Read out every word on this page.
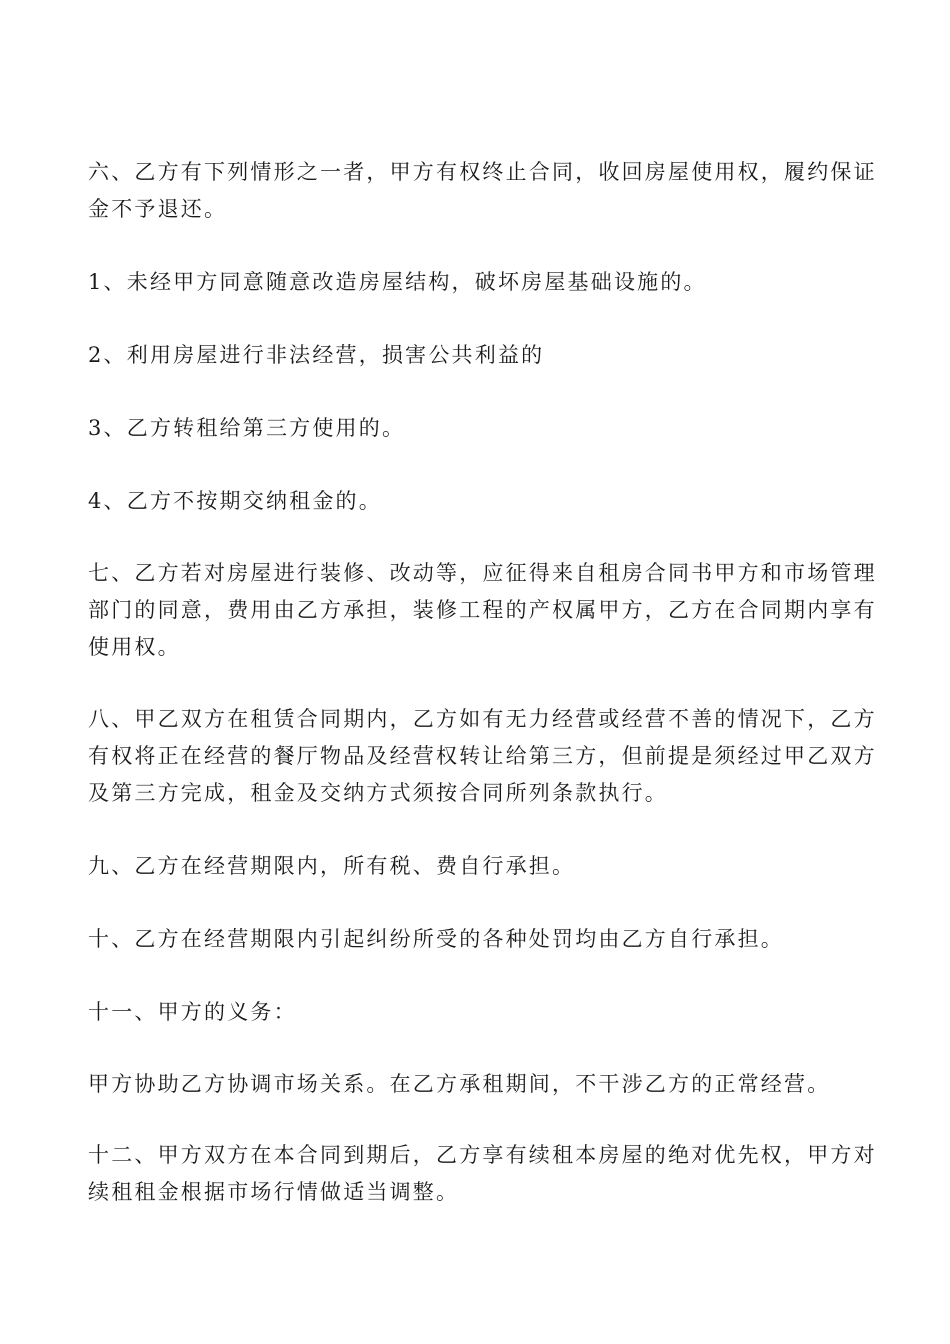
六、乙方有下列情形之一者，甲方有权终止合同，收回房屋使用权，履约保证
金不予退还。

1、未经甲方同意随意改造房屋结构，破坏房屋基础设施的。

2、利用房屋进行非法经营，损害公共利益的

3、乙方转租给第三方使用的。

4、乙方不按期交纳租金的。

七、乙方若对房屋进行装修、改动等，应征得来自租房合同书甲方和市场管理
部门的同意，费用由乙方承担，装修工程的产权属甲方，乙方在合同期内享有
使用权。

八、甲乙双方在租赁合同期内，乙方如有无力经营或经营不善的情况下，乙方
有权将正在经营的餐厅物品及经营权转让给第三方，但前提是须经过甲乙双方
及第三方完成，租金及交纳方式须按合同所列条款执行。

九、乙方在经营期限内，所有税、费自行承担。

十、乙方在经营期限内引起纠纷所受的各种处罚均由乙方自行承担。

十一、甲方的义务：

甲方协助乙方协调市场关系。在乙方承租期间，不干涉乙方的正常经营。

十二、甲方双方在本合同到期后，乙方享有续租本房屋的绝对优先权，甲方对
续租租金根据市场行情做适当调整。
